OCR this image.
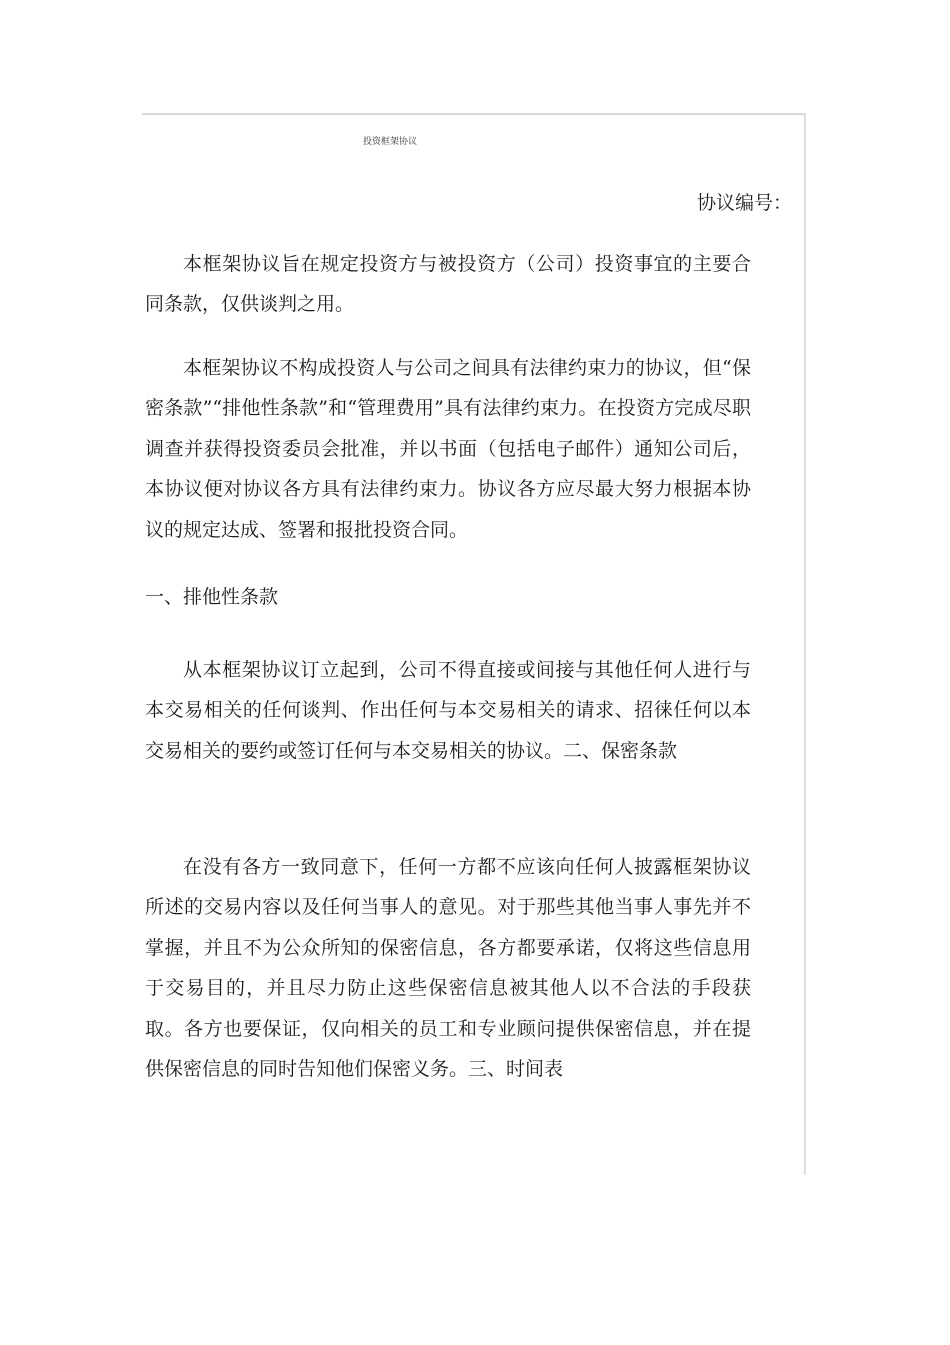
投资框架协议
协议编号：

本框架协议旨在规定投资方与被投资方（公司）投资事宜的主要合同条款，仅供谈判之用。

本框架协议不构成投资人与公司之间具有法律约束力的协议，但“保密条款”“排他性条款”和“管理费用”具有法律约束力。在投资方完成尽职调查并获得投资委员会批准，并以书面（包括电子邮件）通知公司后，本协议便对协议各方具有法律约束力。协议各方应尽最大努力根据本协议的规定达成、签署和报批投资合同。

一、排他性条款

从本框架协议订立起到，公司不得直接或间接与其他任何人进行与本交易相关的任何谈判、作出任何与本交易相关的请求、招徕任何以本交易相关的要约或签订任何与本交易相关的协议。二、保密条款

在没有各方一致同意下，任何一方都不应该向任何人披露框架协议所述的交易内容以及任何当事人的意见。对于那些其他当事人事先并不掌握，并且不为公众所知的保密信息，各方都要承诺，仅将这些信息用于交易目的，并且尽力防止这些保密信息被其他人以不合法的手段获取。各方也要保证，仅向相关的员工和专业顾问提供保密信息，并在提供保密信息的同时告知他们保密义务。三、时间表
